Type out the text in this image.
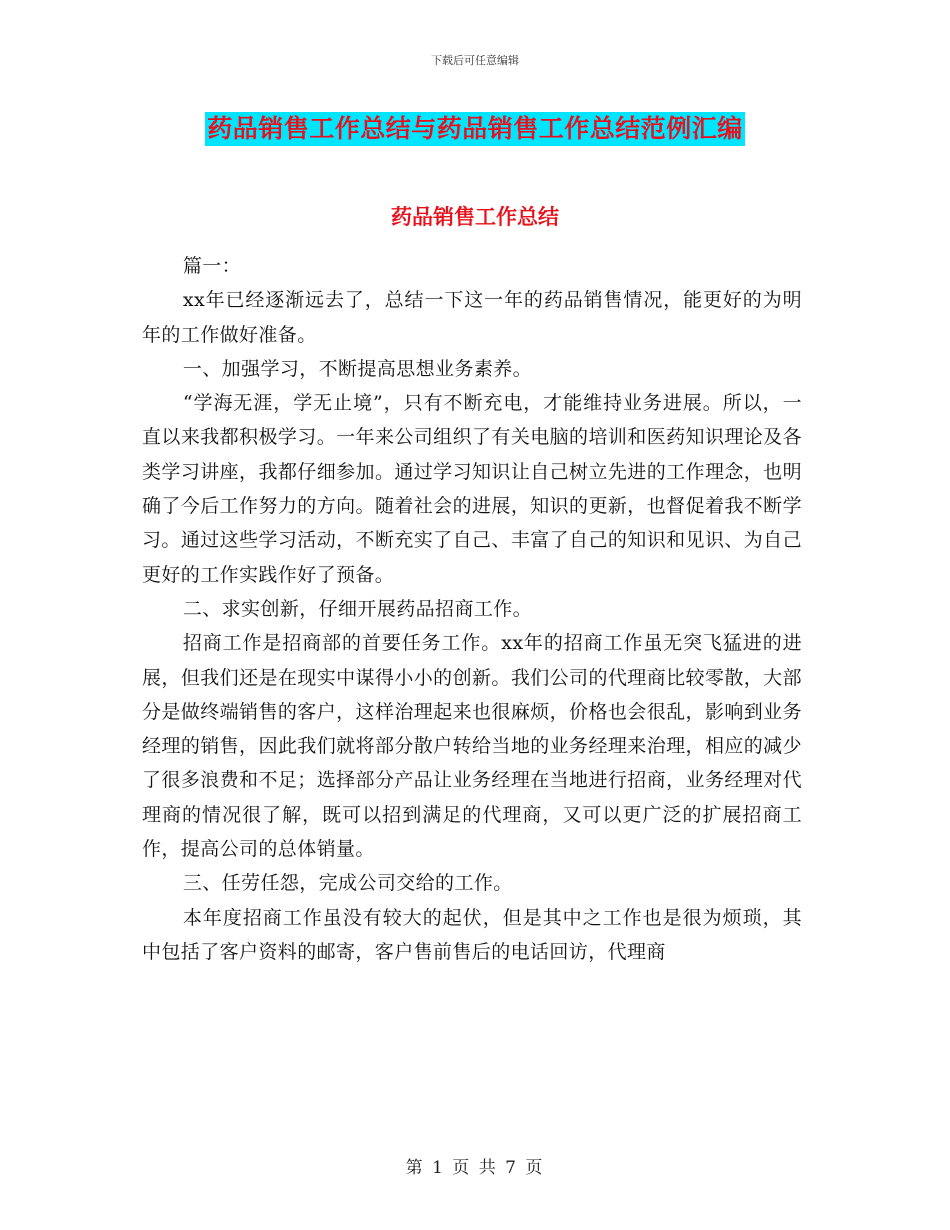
下载后可任意编辑
药品销售工作总结与药品销售工作总结范例汇编
药品销售工作总结

篇一：

xx年已经逐渐远去了，总结一下这一年的药品销售情况，能更好的为明年的工作做好准备。

一、加强学习，不断提高思想业务素养。

“学海无涯，学无止境”，只有不断充电，才能维持业务进展。所以，一直以来我都积极学习。一年来公司组织了有关电脑的培训和医药知识理论及各类学习讲座，我都仔细参加。通过学习知识让自己树立先进的工作理念，也明确了今后工作努力的方向。随着社会的进展，知识的更新，也督促着我不断学习。通过这些学习活动，不断充实了自己、丰富了自己的知识和见识、为自己更好的工作实践作好了预备。

二、求实创新，仔细开展药品招商工作。

招商工作是招商部的首要任务工作。xx年的招商工作虽无突飞猛进的进展，但我们还是在现实中谋得小小的创新。我们公司的代理商比较零散，大部分是做终端销售的客户，这样治理起来也很麻烦，价格也会很乱，影响到业务经理的销售，因此我们就将部分散户转给当地的业务经理来治理，相应的减少了很多浪费和不足；选择部分产品让业务经理在当地进行招商，业务经理对代理商的情况很了解，既可以招到满足的代理商，又可以更广泛的扩展招商工作，提高公司的总体销量。

三、任劳任怨，完成公司交给的工作。

本年度招商工作虽没有较大的起伏，但是其中之工作也是很为烦琐，其中包括了客户资料的邮寄，客户售前售后的电话回访，代理商

第 1 页 共 7 页
